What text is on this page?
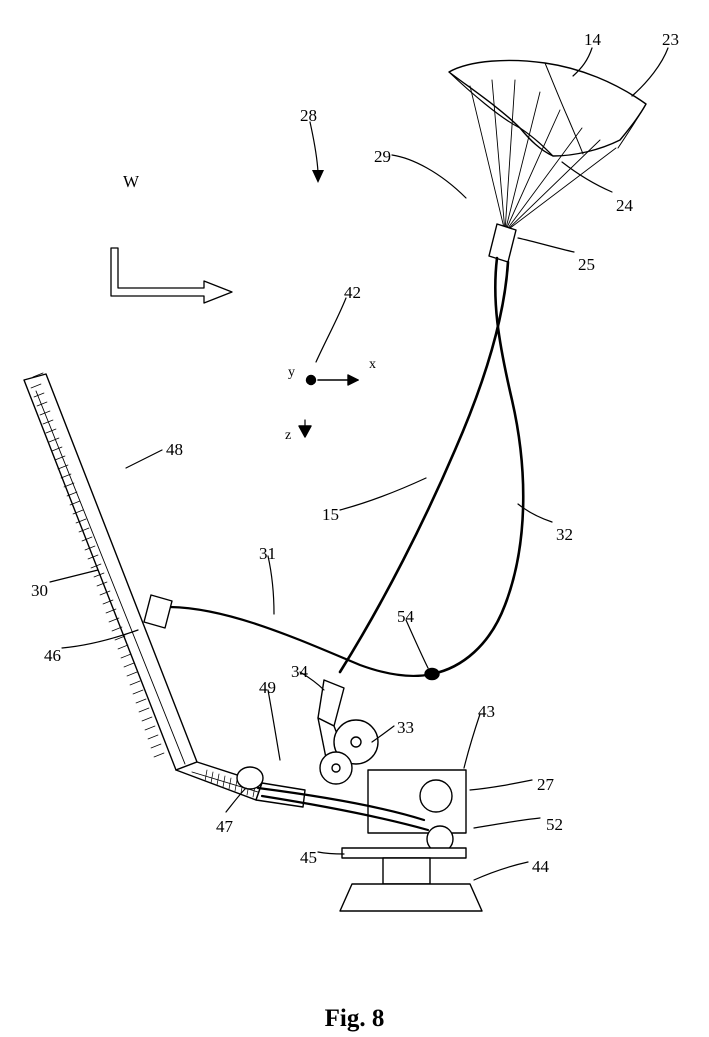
W
x
y
z
14	23
28
29
24
25
42
48
15
32
31
30
54
46
34
49
33
43
27
52
47
45	44
Fig. 8
